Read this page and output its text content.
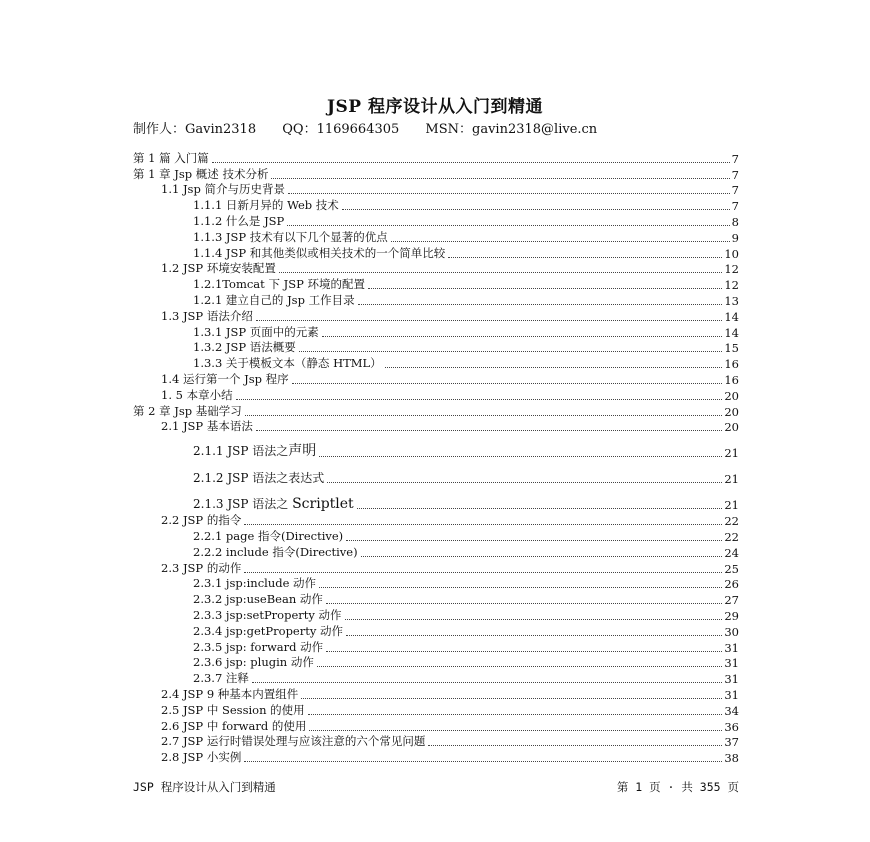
JSP 程序设计从入门到精通
制作人：Gavin2318 QQ：1169664305 MSN：gavin2318@live.cn
第 1 篇 入门篇	7
第 1 章 Jsp 概述 技术分析	7
1.1 Jsp 简介与历史背景	7
1.1.1 日新月异的 Web 技术	7
1.1.2 什么是 JSP	8
1.1.3 JSP 技术有以下几个显著的优点	9
1.1.4 JSP 和其他类似或相关技术的一个简单比较	10
1.2 JSP 环境安装配置	12
1.2.1Tomcat 下 JSP 环境的配置	12
1.2.1 建立自己的 Jsp 工作目录	13
1.3 JSP 语法介绍	14
1.3.1 JSP 页面中的元素	14
1.3.2 JSP 语法概要	15
1.3.3 关于模板文本（静态 HTML）	16
1.4 运行第一个 Jsp 程序	16
1. 5 本章小结	20
第 2 章 Jsp 基础学习	20
2.1 JSP 基本语法	20
2.1.1 JSP 语法之声明	21
2.1.2 JSP 语法之表达式	21
2.1.3 JSP 语法之 Scriptlet	21
2.2 JSP 的指令	22
2.2.1 page 指令(Directive)	22
2.2.2 include 指令(Directive)	24
2.3 JSP 的动作	25
2.3.1 jsp:include 动作	26
2.3.2 jsp:useBean 动作	27
2.3.3 jsp:setProperty 动作	29
2.3.4 jsp:getProperty 动作	30
2.3.5 jsp: forward 动作	31
2.3.6 jsp: plugin 动作	31
2.3.7 注释	31
2.4 JSP 9 种基本内置组件	31
2.5 JSP 中 Session 的使用	34
2.6 JSP 中 forward 的使用	36
2.7 JSP 运行时错误处理与应该注意的六个常见问题	37
2.8 JSP 小实例	38
JSP 程序设计从入门到精通	第 1 页 · 共 355 页
